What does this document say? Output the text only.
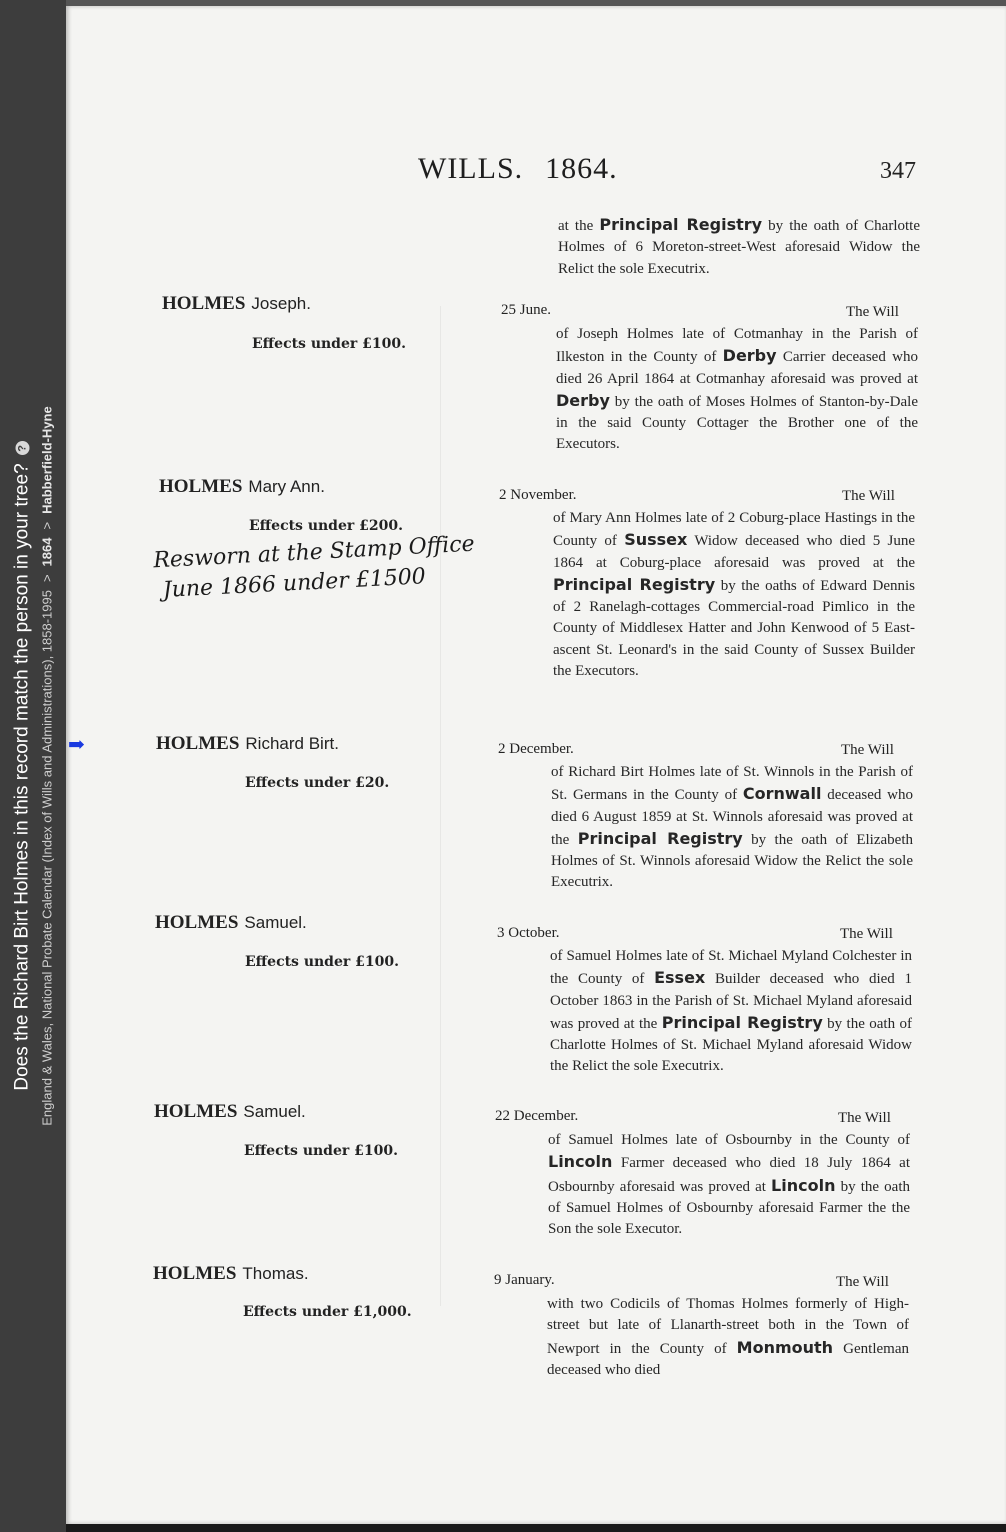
Does the Richard Birt Holmes in this record match the person in your tree?
?
England & Wales, National Probate Calendar (Index of Wills and Administrations), 1858-1995
>
1864
>
Habberfield-Hyne
WILLS. 1864.	347
at the Principal Registry by the oath of Charlotte Holmes of 6 Moreton-street-West aforesaid Widow the Relict the sole Executrix.
HOLMES Joseph.
Effects under £100.
25 June.	The Will
of Joseph Holmes late of Cotmanhay in the Parish of Ilkeston in the County of Derby Carrier deceased who died 26 April 1864 at Cotmanhay aforesaid was proved at Derby by the oath of Moses Holmes of Stanton-by-Dale in the said County Cottager the Brother one of the Executors.
HOLMES Mary Ann.
Effects under £200.
Resworn at the Stamp Office
June 1866 under £1500
2 November.	The Will
of Mary Ann Holmes late of 2 Coburg-place Hastings in the County of Sussex Widow deceased who died 5 June 1864 at Coburg-place aforesaid was proved at the Principal Registry by the oaths of Edward Dennis of 2 Ranelagh-cottages Commercial-road Pimlico in the County of Middlesex Hatter and John Kenwood of 5 East-ascent St. Leonard's in the said County of Sussex Builder the Executors.
HOLMES Richard Birt.
Effects under £20.
2 December.	The Will
of Richard Birt Holmes late of St. Winnols in the Parish of St. Germans in the County of Cornwall deceased who died 6 August 1859 at St. Winnols aforesaid was proved at the Principal Registry by the oath of Elizabeth Holmes of St. Winnols aforesaid Widow the Relict the sole Executrix.
HOLMES Samuel.
Effects under £100.
3 October.	The Will
of Samuel Holmes late of St. Michael Myland Colchester in the County of Essex Builder deceased who died 1 October 1863 in the Parish of St. Michael Myland aforesaid was proved at the Principal Registry by the oath of Charlotte Holmes of St. Michael Myland aforesaid Widow the Relict the sole Executrix.
HOLMES Samuel.
Effects under £100.
22 December.	The Will
of Samuel Holmes late of Osbournby in the County of Lincoln Farmer deceased who died 18 July 1864 at Osbournby aforesaid was proved at Lincoln by the oath of Samuel Holmes of Osbournby aforesaid Farmer the the Son the sole Executor.
HOLMES Thomas.
Effects under £1,000.
9 January.	The Will
with two Codicils of Thomas Holmes formerly of High-street but late of Llanarth-street both in the Town of Newport in the County of Monmouth Gentleman deceased who died
➡
